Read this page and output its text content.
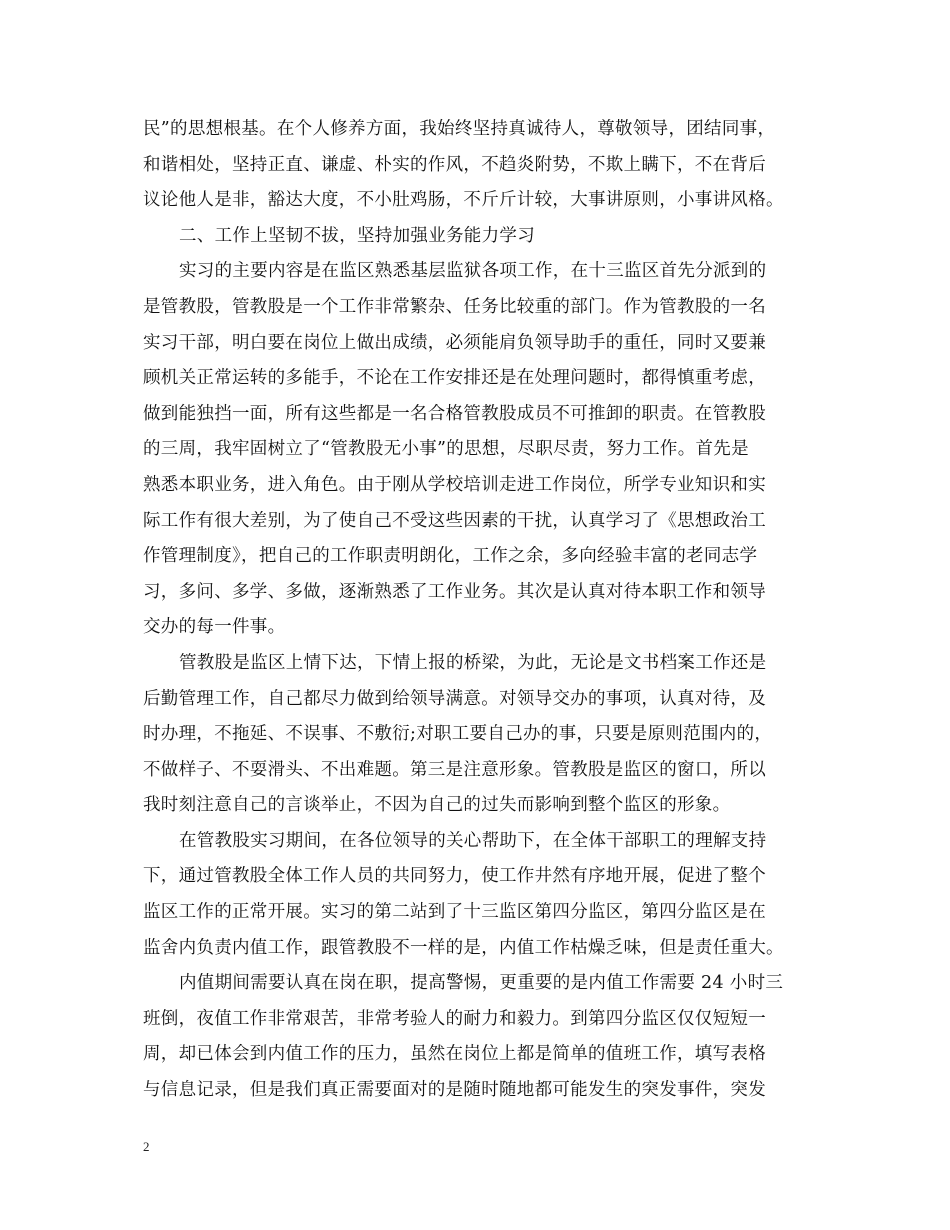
民”的思想根基。在个人修养方面，我始终坚持真诚待人，尊敬领导，团结同事，
和谐相处，坚持正直、谦虚、朴实的作风，不趋炎附势，不欺上瞒下，不在背后
议论他人是非，豁达大度，不小肚鸡肠，不斤斤计较，大事讲原则，小事讲风格。
二、工作上坚韧不拔，坚持加强业务能力学习
实习的主要内容是在监区熟悉基层监狱各项工作，在十三监区首先分派到的
是管教股，管教股是一个工作非常繁杂、任务比较重的部门。作为管教股的一名
实习干部，明白要在岗位上做出成绩，必须能肩负领导助手的重任，同时又要兼
顾机关正常运转的多能手，不论在工作安排还是在处理问题时，都得慎重考虑，
做到能独挡一面，所有这些都是一名合格管教股成员不可推卸的职责。在管教股
的三周，我牢固树立了“管教股无小事”的思想，尽职尽责，努力工作。首先是
熟悉本职业务，进入角色。由于刚从学校培训走进工作岗位，所学专业知识和实
际工作有很大差别，为了使自己不受这些因素的干扰，认真学习了《思想政治工
作管理制度》，把自己的工作职责明朗化，工作之余，多向经验丰富的老同志学
习，多问、多学、多做，逐渐熟悉了工作业务。其次是认真对待本职工作和领导
交办的每一件事。
管教股是监区上情下达，下情上报的桥梁，为此，无论是文书档案工作还是
后勤管理工作，自己都尽力做到给领导满意。对领导交办的事项，认真对待，及
时办理，不拖延、不误事、不敷衍;对职工要自己办的事，只要是原则范围内的，
不做样子、不耍滑头、不出难题。第三是注意形象。管教股是监区的窗口，所以
我时刻注意自己的言谈举止，不因为自己的过失而影响到整个监区的形象。
在管教股实习期间，在各位领导的关心帮助下，在全体干部职工的理解支持
下，通过管教股全体工作人员的共同努力，使工作井然有序地开展，促进了整个
监区工作的正常开展。实习的第二站到了十三监区第四分监区，第四分监区是在
监舍内负责内值工作，跟管教股不一样的是，内值工作枯燥乏味，但是责任重大。
内值期间需要认真在岗在职，提高警惕，更重要的是内值工作需要 24 小时三
班倒，夜值工作非常艰苦，非常考验人的耐力和毅力。到第四分监区仅仅短短一
周，却已体会到内值工作的压力，虽然在岗位上都是简单的值班工作，填写表格
与信息记录，但是我们真正需要面对的是随时随地都可能发生的突发事件，突发
2
